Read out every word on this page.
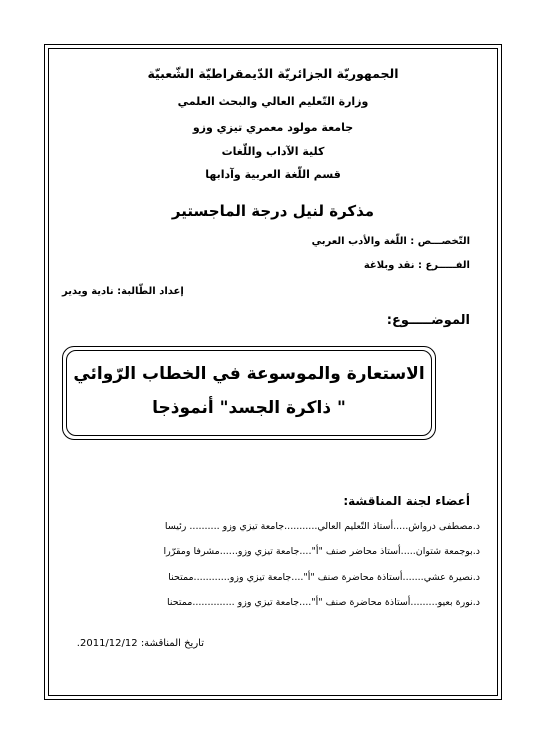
الجمهوريّة الجزائريّة الدّيمقراطيّة الشّعبيّة
وزارة التّعليم العالي والبحث العلمي
جامعة مولود معمري تيزي وزو
كلية الآداب واللّغات
قسم اللّغة العربية وآدابها
مذكرة لنيل درجة الماجستير
التّخصـــص : اللّغة والأدب العربي
الفـــــرع : نقد وبلاغة
إعداد الطّالبة: نادية ويدير
الموضـــــوع:
الاستعارة والموسوعة في الخطاب الرّوائي
" ذاكرة الجسد" أنموذجا
أعضاء لجنة المناقشة:
د.مصطفى درواش.....أستاذ التّعليم العالي...........جامعة تيزي وزو .......... رئيسا
د.بوجمعة شتوان.....أستاذ محاضر صنف "أ"....جامعة تيزي وزو......مشرفا ومقرّرا
د.نصيرة عشي.......أستاذة محاضرة صنف "أ"....جامعة تيزي وزو............ممتحنا
د.نورة بعيو.........أستاذة محاضرة صنف "أ"....جامعة تيزي وزو ..............ممتحنا
تاريخ المناقشة: 2011/12/12.
